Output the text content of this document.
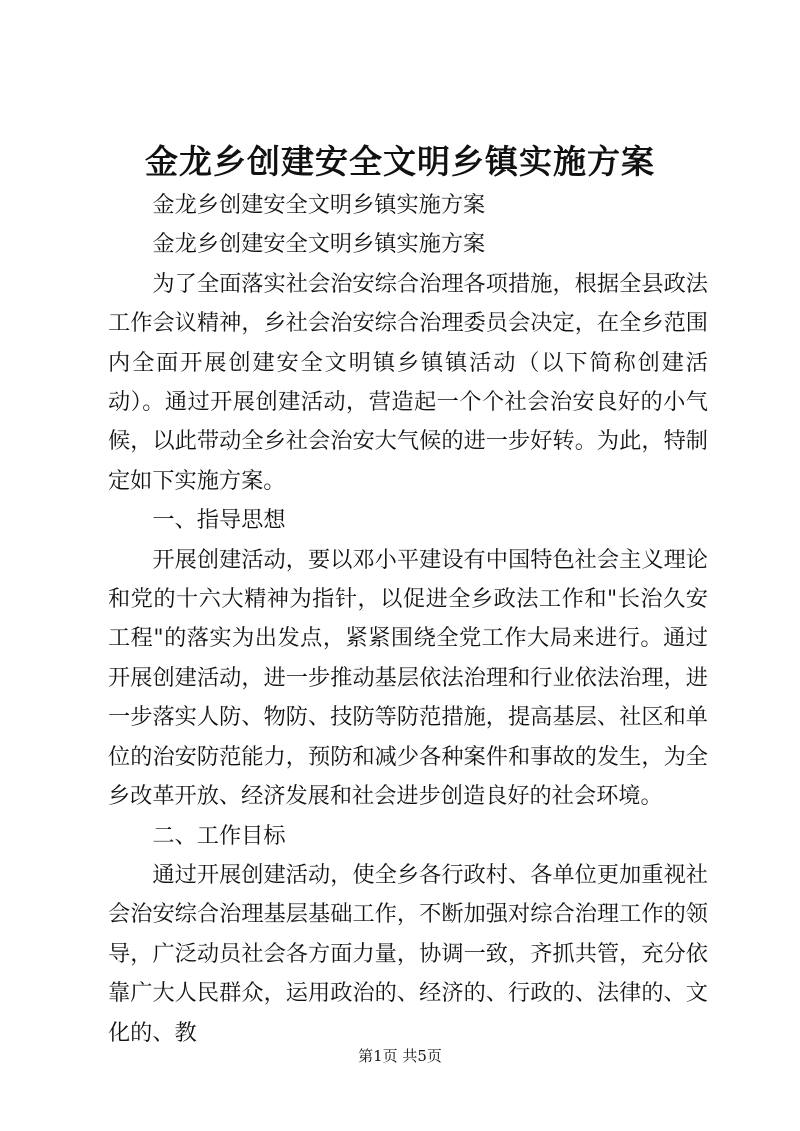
金龙乡创建安全文明乡镇实施方案

金龙乡创建安全文明乡镇实施方案

金龙乡创建安全文明乡镇实施方案

为了全面落实社会治安综合治理各项措施，根据全县政法工作会议精神，乡社会治安综合治理委员会决定，在全乡范围内全面开展创建安全文明镇乡镇镇活动（以下简称创建活动）。通过开展创建活动，营造起一个个社会治安良好的小气候，以此带动全乡社会治安大气候的进一步好转。为此，特制定如下实施方案。

一、指导思想

开展创建活动，要以邓小平建设有中国特色社会主义理论和党的十六大精神为指针，以促进全乡政法工作和"长治久安工程"的落实为出发点，紧紧围绕全党工作大局来进行。通过开展创建活动，进一步推动基层依法治理和行业依法治理，进一步落实人防、物防、技防等防范措施，提高基层、社区和单位的治安防范能力，预防和减少各种案件和事故的发生，为全乡改革开放、经济发展和社会进步创造良好的社会环境。

二、工作目标

通过开展创建活动，使全乡各行政村、各单位更加重视社会治安综合治理基层基础工作，不断加强对综合治理工作的领导，广泛动员社会各方面力量，协调一致，齐抓共管，充分依靠广大人民群众，运用政治的、经济的、行政的、法律的、文化的、教

第1页 共5页
